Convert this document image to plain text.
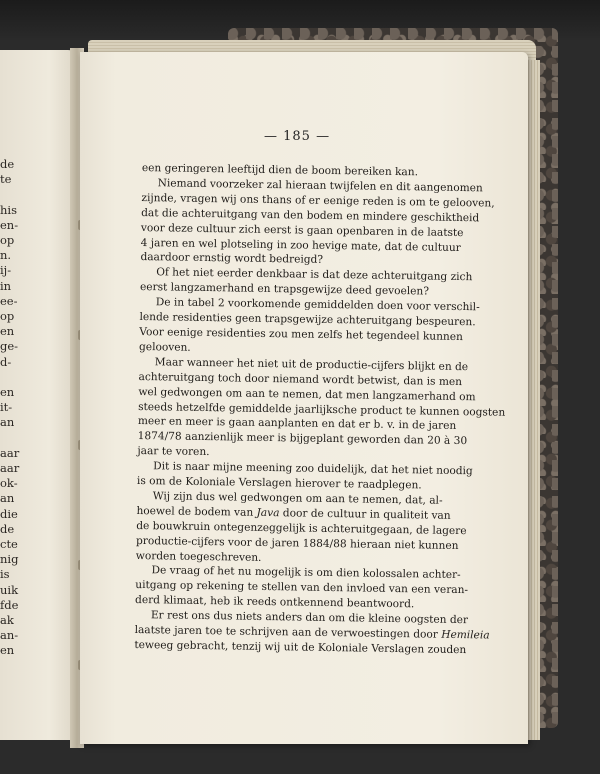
de
te
his
en-
op
n.
ij-
in
ee-
op
en
ge-
d-
en
it-
an
aar
aar
ok-
an
die
de
cte
nig
is
uik
fde
ak
an-
en
— 185 —
een geringeren leeftijd dien de boom bereiken kan.
Niemand voorzeker zal hieraan twijfelen en dit aangenomen
zijnde, vragen wij ons thans of er eenige reden is om te gelooven,
dat die achteruitgang van den bodem en mindere geschiktheid
voor deze cultuur zich eerst is gaan openbaren in de laatste
4 jaren en wel plotseling in zoo hevige mate, dat de cultuur
daardoor ernstig wordt bedreigd?
Of het niet eerder denkbaar is dat deze achteruitgang zich
eerst langzamerhand en trapsgewijze deed gevoelen?
De in tabel 2 voorkomende gemiddelden doen voor verschil-
lende residenties geen trapsgewijze achteruitgang bespeuren.
Voor eenige residenties zou men zelfs het tegendeel kunnen
gelooven.
Maar wanneer het niet uit de productie-cijfers blijkt en de
achteruitgang toch door niemand wordt betwist, dan is men
wel gedwongen om aan te nemen, dat men langzamerhand om
steeds hetzelfde gemiddelde jaarlijksche product te kunnen oogsten
meer en meer is gaan aanplanten en dat er b. v. in de jaren
1874/78 aanzienlijk meer is bijgeplant geworden dan 20 à 30
jaar te voren.
Dit is naar mijne meening zoo duidelijk, dat het niet noodig
is om de Koloniale Verslagen hierover te raadplegen.
Wij zijn dus wel gedwongen om aan te nemen, dat, al-
hoewel de bodem van Java door de cultuur in qualiteit van
de bouwkruin ontegenzeggelijk is achteruitgegaan, de lagere
productie-cijfers voor de jaren 1884/88 hieraan niet kunnen
worden toegeschreven.
De vraag of het nu mogelijk is om dien kolossalen achter-
uitgang op rekening te stellen van den invloed van een veran-
derd klimaat, heb ik reeds ontkennend beantwoord.
Er rest ons dus niets anders dan om die kleine oogsten der
laatste jaren toe te schrijven aan de verwoestingen door Hemileia
teweeg gebracht, tenzij wij uit de Koloniale Verslagen zouden
